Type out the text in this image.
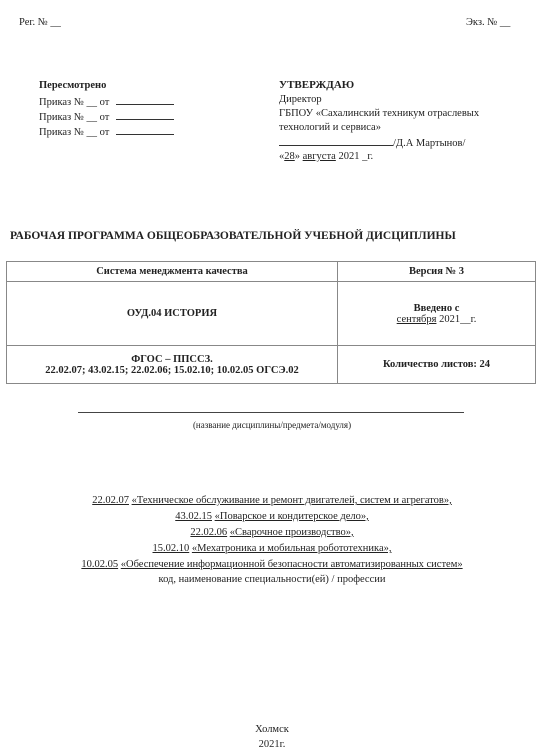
Рег. № __	Экз. № __
Пересмотрено
Приказ № __ от
Приказ № __ от
Приказ № __ от
УТВЕРЖДАЮ
Директор
ГБПОУ «Сахалинский техникум отраслевых
технологий и сервиса»
/Д.А Мартынов/
«28» августа 2021 _г.
РАБОЧАЯ ПРОГРАММА ОБЩЕОБРАЗОВАТЕЛЬНОЙ УЧЕБНОЙ ДИСЦИПЛИНЫ
Система менеджмента качества	Версия № 3
ОУД.04 ИСТОРИЯ	Введено с
сентября 2021__г.

ФГОС – ППССЗ.
22.02.07; 43.02.15; 22.02.06; 15.02.10; 10.02.05 ОГСЭ.02	Количество листов: 24
(название дисциплины/предмета/модуля)
22.02.07 «Техническое обслуживание и ремонт двигателей, систем и агрегатов»,
43.02.15 «Поварское и кондитерское дело»,
22.02.06 «Сварочное производство»,
15.02.10 «Мехатроника и мобильная робототехника»,
10.02.05 «Обеспечение информационной безопасности автоматизированных систем»
код, наименование специальности(ей) / профессии
Холмск
2021г.
